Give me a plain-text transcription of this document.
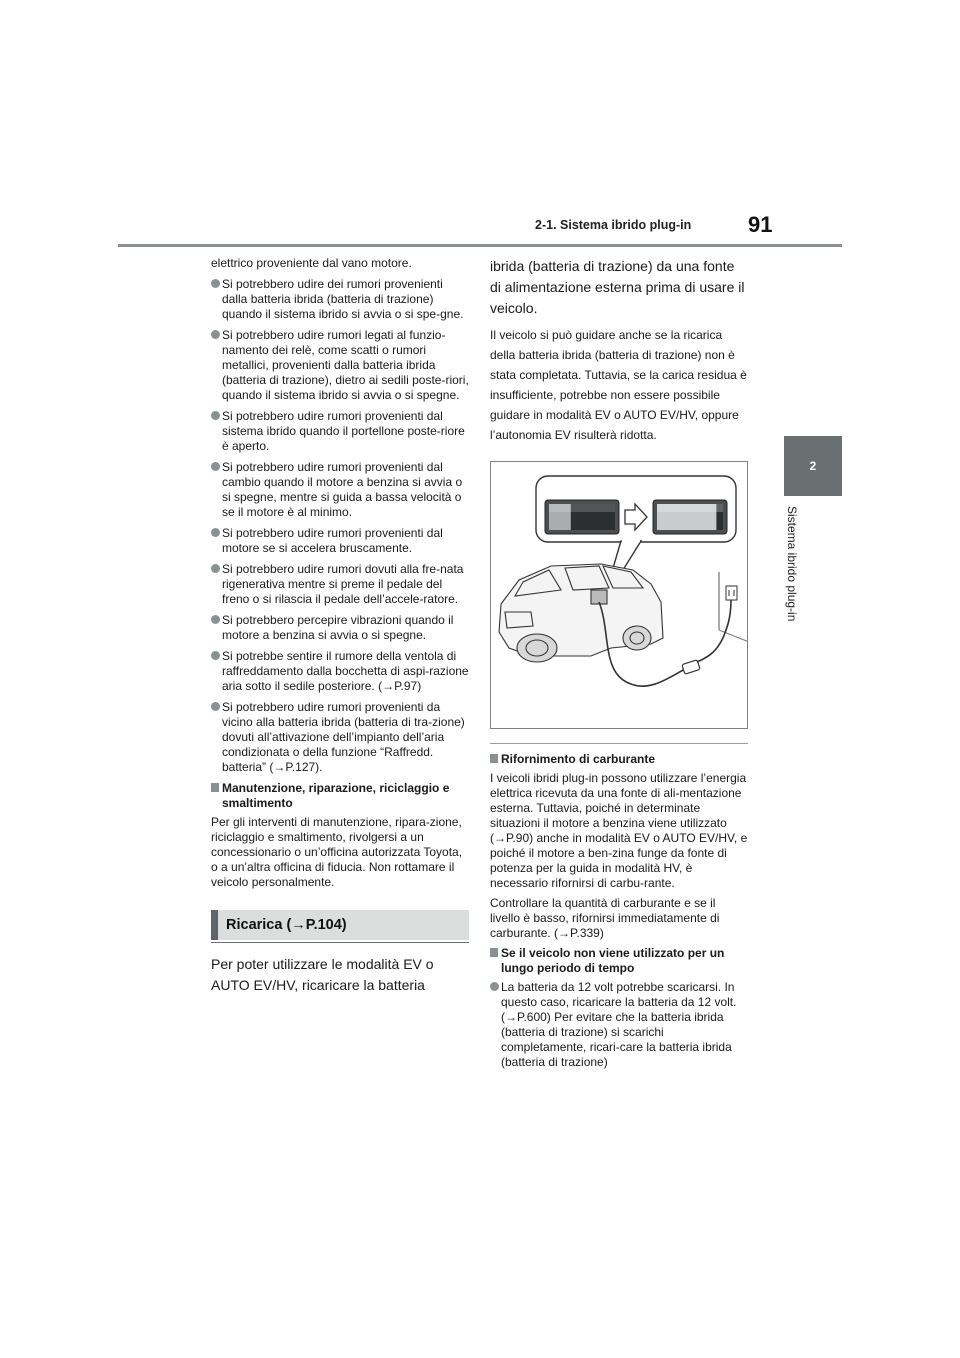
2-1. Sistema ibrido plug-in	91
2
Sistema ibrido plug-in

elettrico proveniente dal vano motore.

Si potrebbero udire dei rumori provenienti dalla batteria ibrida (batteria di trazione) quando il sistema ibrido si avvia o si spe-gne.
Si potrebbero udire rumori legati al funzio-namento dei relè, come scatti o rumori metallici, provenienti dalla batteria ibrida (batteria di trazione), dietro ai sedili poste-riori, quando il sistema ibrido si avvia o si spegne.
Si potrebbero udire rumori provenienti dal sistema ibrido quando il portellone poste-riore è aperto.
Si potrebbero udire rumori provenienti dal cambio quando il motore a benzina si avvia o si spegne, mentre si guida a bassa velocità o se il motore è al minimo.
Si potrebbero udire rumori provenienti dal motore se si accelera bruscamente.
Si potrebbero udire rumori dovuti alla fre-nata rigenerativa mentre si preme il pedale del freno o si rilascia il pedale dell’accele-ratore.
Si potrebbero percepire vibrazioni quando il motore a benzina si avvia o si spegne.
Si potrebbe sentire il rumore della ventola di raffreddamento dalla bocchetta di aspi-razione aria sotto il sedile posteriore. (→P.97)
Si potrebbero udire rumori provenienti da vicino alla batteria ibrida (batteria di tra-zione) dovuti all’attivazione dell’impianto dell’aria condizionata o della funzione “Raffredd. batteria” (→P.127).
Manutenzione, riparazione, riciclaggio e smaltimento

Per gli interventi di manutenzione, ripara-zione, riciclaggio e smaltimento, rivolgersi a un concessionario o un’officina autorizzata Toyota, o a un’altra officina di fiducia. Non rottamare il veicolo personalmente.

Ricarica (→P.104)

Per poter utilizzare le modalità EV o AUTO EV/HV, ricaricare la batteria

ibrida (batteria di trazione) da una fonte di alimentazione esterna prima di usare il veicolo.

Il veicolo si può guidare anche se la ricarica della batteria ibrida (batteria di trazione) non è stata completata. Tuttavia, se la carica residua è insufficiente, potrebbe non essere possibile guidare in modalità EV o AUTO EV/HV, oppure l’autonomia EV risulterà ridotta.

Rifornimento di carburante

I veicoli ibridi plug-in possono utilizzare l’energia elettrica ricevuta da una fonte di ali-mentazione esterna. Tuttavia, poiché in determinate situazioni il motore a benzina viene utilizzato (→P.90) anche in modalità EV o AUTO EV/HV, e poiché il motore a ben-zina funge da fonte di potenza per la guida in modalità HV, è necessario rifornirsi di carbu-rante.

Controllare la quantità di carburante e se il livello è basso, rifornirsi immediatamente di carburante. (→P.339)

Se il veicolo non viene utilizzato per un lungo periodo di tempo
La batteria da 12 volt potrebbe scaricarsi. In questo caso, ricaricare la batteria da 12 volt. (→P.600) Per evitare che la batteria ibrida (batteria di trazione) si scarichi completamente, ricari-care la batteria ibrida (batteria di trazione)
